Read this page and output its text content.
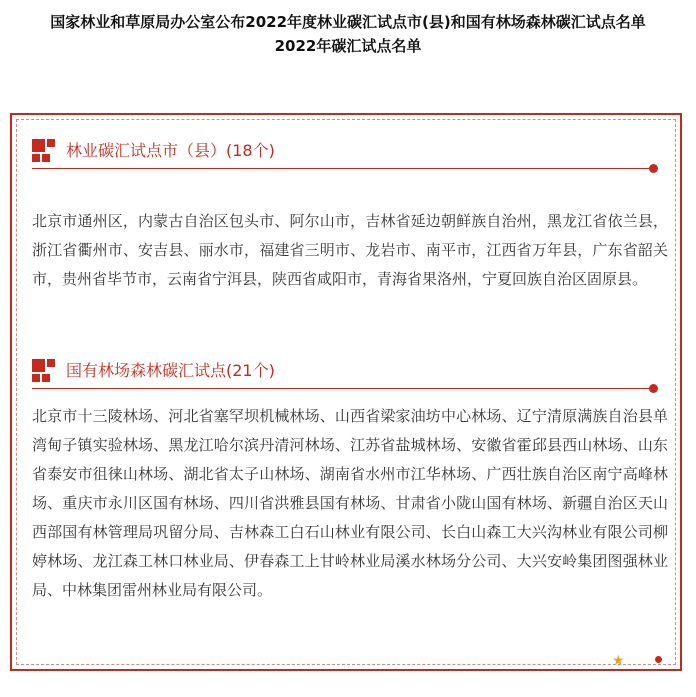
国家林业和草原局办公室公布2022年度林业碳汇试点市(县)和国有林场森林碳汇试点名单
2022年碳汇试点名单
林业碳汇试点市（县）(18个)
北京市通州区，内蒙古自治区包头市、阿尔山市，吉林省延边朝鲜族自治州，黑龙江省依兰县，浙江省衢州市、安吉县、丽水市，福建省三明市、龙岩市、南平市，江西省万年县，广东省韶关市，贵州省毕节市，云南省宁洱县，陕西省咸阳市，青海省果洛州，宁夏回族自治区固原县。
国有林场森林碳汇试点(21个)
北京市十三陵林场、河北省塞罕坝机械林场、山西省梁家油坊中心林场、辽宁清原满族自治县单湾甸子镇实验林场、黑龙江哈尔滨丹清河林场、江苏省盐城林场、安徽省霍邱县西山林场、山东省泰安市徂徕山林场、湖北省太子山林场、湖南省水州市江华林场、广西壮族自治区南宁高峰林场、重庆市永川区国有林场、四川省洪雅县国有林场、甘肃省小陇山国有林场、新疆自治区天山西部国有林管理局巩留分局、吉林森工白石山林业有限公司、长白山森工大兴沟林业有限公司柳婷林场、龙江森工林口林业局、伊春森工上甘岭林业局溪水林场分公司、大兴安岭集团图强林业局、中林集团雷州林业局有限公司。
★
